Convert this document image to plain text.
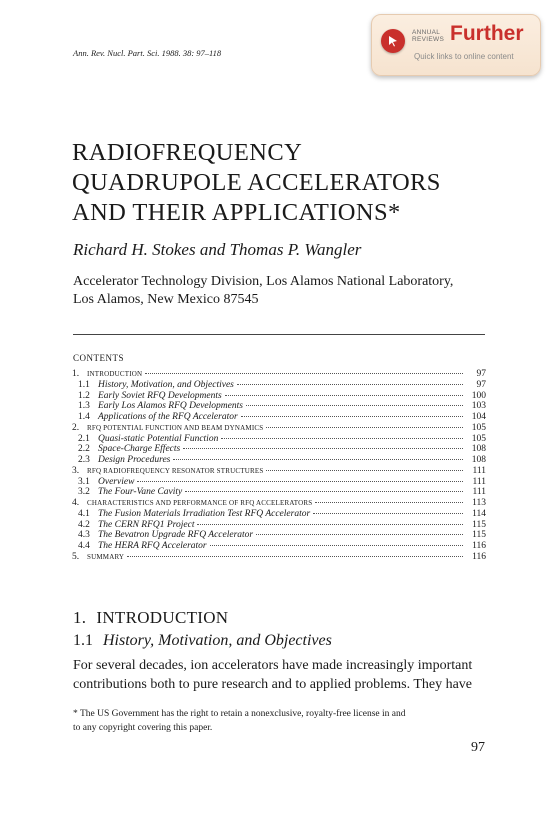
Ann. Rev. Nucl. Part. Sci. 1988. 38: 97–118
ANNUAL
REVIEWS Further
Quick links to online content
RADIOFREQUENCY
QUADRUPOLE ACCELERATORS
AND THEIR APPLICATIONS*
Richard H. Stokes and Thomas P. Wangler
Accelerator Technology Division, Los Alamos National Laboratory,
Los Alamos, New Mexico 87545
CONTENTS
1.	INTRODUCTION	97
1.1 History, Motivation, and Objectives	97
1.2 Early Soviet RFQ Developments	100
1.3 Early Los Alamos RFQ Developments	103
1.4 Applications of the RFQ Accelerator	104
2.	RFQ POTENTIAL FUNCTION AND BEAM DYNAMICS	105
2.1 Quasi-static Potential Function	105
2.2 Space-Charge Effects	108
2.3 Design Procedures	108
3.	RFQ RADIOFREQUENCY RESONATOR STRUCTURES	111
3.1 Overview	111
3.2 The Four-Vane Cavity	111
4.	CHARACTERISTICS AND PERFORMANCE OF RFQ ACCELERATORS	113
4.1 The Fusion Materials Irradiation Test RFQ Accelerator	114
4.2 The CERN RFQ1 Project	115
4.3 The Bevatron Upgrade RFQ Accelerator	115
4.4 The HERA RFQ Accelerator	116
5.	SUMMARY	116
1. INTRODUCTION
1.1 History, Motivation, and Objectives
For several decades, ion accelerators have made increasingly important
contributions both to pure research and to applied problems. They have
* The US Government has the right to retain a nonexclusive, royalty-free license in and
to any copyright covering this paper.
97
